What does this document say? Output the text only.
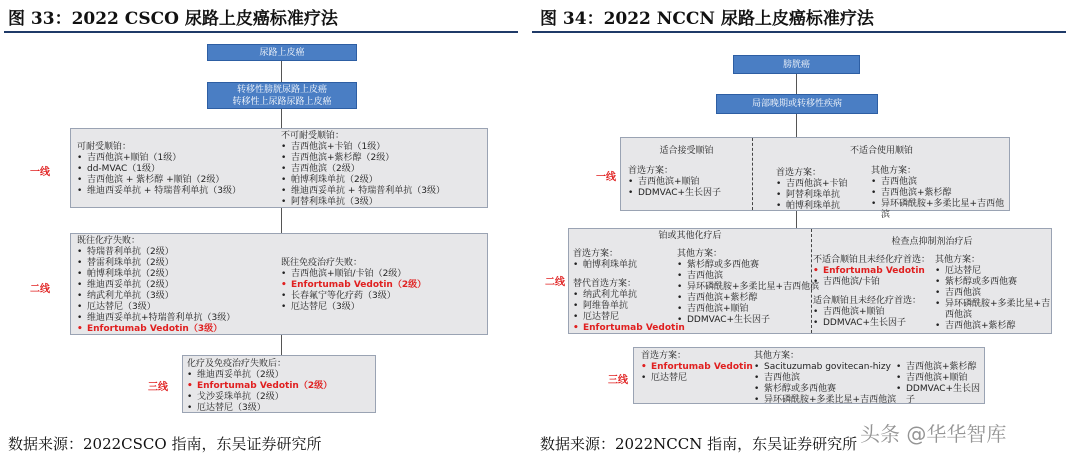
图 33：2022 CSCO 尿路上皮癌标准疗法
尿路上皮癌
转移性膀胱尿路上皮癌
转移性上尿路尿路上皮癌
一线
可耐受顺铂：
• 吉西他滨+顺铂（1级）
• dd-MVAC（1级）
• 吉西他滨 + 紫杉醇 +顺铂（2级）
• 维迪西妥单抗 + 特瑞普利单抗（3级）
不可耐受顺铂：
• 吉西他滨+卡铂（1级）
• 吉西他滨+紫杉醇（2级）
• 吉西他滨（2级）
• 帕博利珠单抗（2级）
• 维迪西妥单抗 + 特瑞普利单抗（3级）
• 阿替利珠单抗（3级）
二线
既往化疗失败：
• 特瑞普利单抗（2级）
• 替雷利珠单抗（2级）
• 帕博利珠单抗（2级）
• 维迪西妥单抗（2级）
• 纳武利尤单抗（3级）
• 厄达替尼（3级）
• 维迪西妥单抗+特瑞普利单抗（3级）
• Enfortumab Vedotin（3级）
既往免疫治疗失败：
• 吉西他滨+顺铂/卡铂（2级）
• Enfortumab Vedotin（2级）
• 长春氟宁等化疗药（3级）
• 厄达替尼（3级）
三线
化疗及免疫治疗失败后：
• 维迪西妥单抗（2级）
• Enfortumab Vedotin（2级）
• 戈沙妥珠单抗（2级）
• 厄达替尼（3级）
数据来源：2022CSCO 指南，东吴证券研究所
图 34：2022 NCCN 尿路上皮癌标准疗法
膀胱癌
局部晚期或转移性疾病
一线
适合接受顺铂
首选方案：
• 吉西他滨+顺铂
• DDMVAC+生长因子
不适合使用顺铂
首选方案：
• 吉西他滨+卡铂
• 阿替利珠单抗
• 帕博利珠单抗
其他方案：
• 吉西他滨
• 吉西他滨+紫杉醇
• 异环磷酰胺+多柔比星+吉西他滨
二线
铂或其他化疗后
首选方案：
• 帕博利珠单抗
替代首选方案：
• 纳武利尤单抗
• 阿维鲁单抗
• 厄达替尼
• Enfortumab Vedotin
其他方案：
• 紫杉醇或多西他赛
• 吉西他滨
• 异环磷酰胺+多柔比星+吉西他滨
• 吉西他滨+紫杉醇
• 吉西他滨+顺铂
• DDMVAC+生长因子
检查点抑制剂治疗后
不适合顺铂且未经化疗首选：
• Enfortumab Vedotin
• 吉西他滨/卡铂
适合顺铂且未经化疗首选：
• 吉西他滨+顺铂
• DDMVAC+生长因子
其他方案：
• 厄达替尼
• 紫杉醇或多西他赛
• 吉西他滨
• 异环磷酰胺+多柔比星+吉西他滨
• 吉西他滨+紫杉醇
三线
首选方案：
• Enfortumab Vedotin
• 厄达替尼
其他方案：
• Sacituzumab govitecan-hizy
• 吉西他滨
• 紫杉醇或多西他赛
• 异环磷酰胺+多柔比星+吉西他滨
• 吉西他滨+紫杉醇
• 吉西他滨+顺铂
• DDMVAC+生长因子
数据来源：2022NCCN 指南，东吴证券研究所 头条 @华华智库
